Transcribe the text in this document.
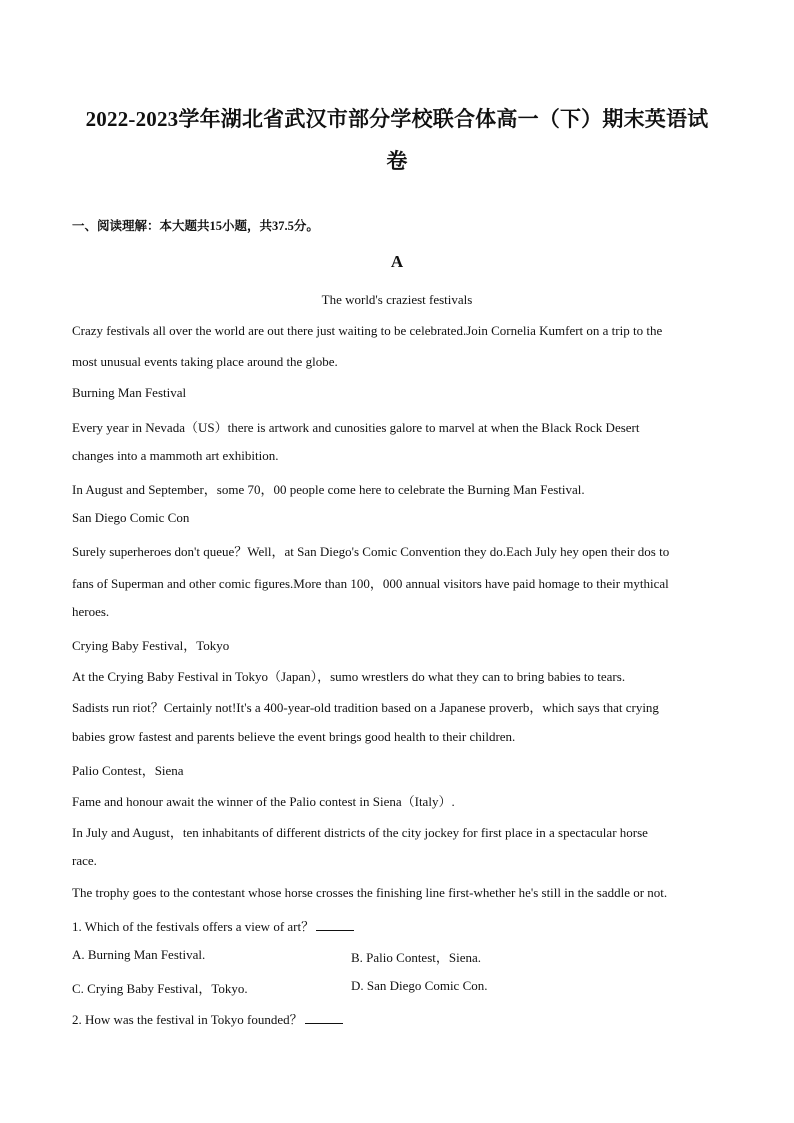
2022-2023学年湖北省武汉市部分学校联合体高一（下）期末英语试
卷

一、阅读理解：本大题共15小题，共37.5分。

A

The world's craziest festivals

Crazy festivals all over the world are out there just waiting to be celebrated.Join Cornelia Kumfert on a trip to the

most unusual events taking place around the globe.

Burning Man Festival

Every year in Nevada（US）there is artwork and cunosities galore to marvel at when the Black Rock Desert

changes into a mammoth art exhibition.

In August and September，some 70，00 people come here to celebrate the Burning Man Festival.

San Diego Comic Con

Surely superheroes don't queue？Well，at San Diego's Comic Convention they do.Each July hey open their dos to

fans of Superman and other comic figures.More than 100，000 annual visitors have paid homage to their mythical

heroes.

Crying Baby Festival，Tokyo

At the Crying Baby Festival in Tokyo（Japan），sumo wrestlers do what they can to bring babies to tears.

Sadists run riot？Certainly not!It's a 400-year-old tradition based on a Japanese proverb，which says that crying

babies grow fastest and parents believe the event brings good health to their children.

Palio Contest，Siena

Fame and honour await the winner of the Palio contest in Siena（Italy）.

In July and August，ten inhabitants of different districts of the city jockey for first place in a spectacular horse

race.

The trophy goes to the contestant whose horse crosses the finishing line first-whether he's still in the saddle or not.

1. Which of the festivals offers a view of art？

A. Burning Man Festival.	B. Palio Contest，Siena.
C. Crying Baby Festival，Tokyo.	D. San Diego Comic Con.

2. How was the festival in Tokyo founded？
